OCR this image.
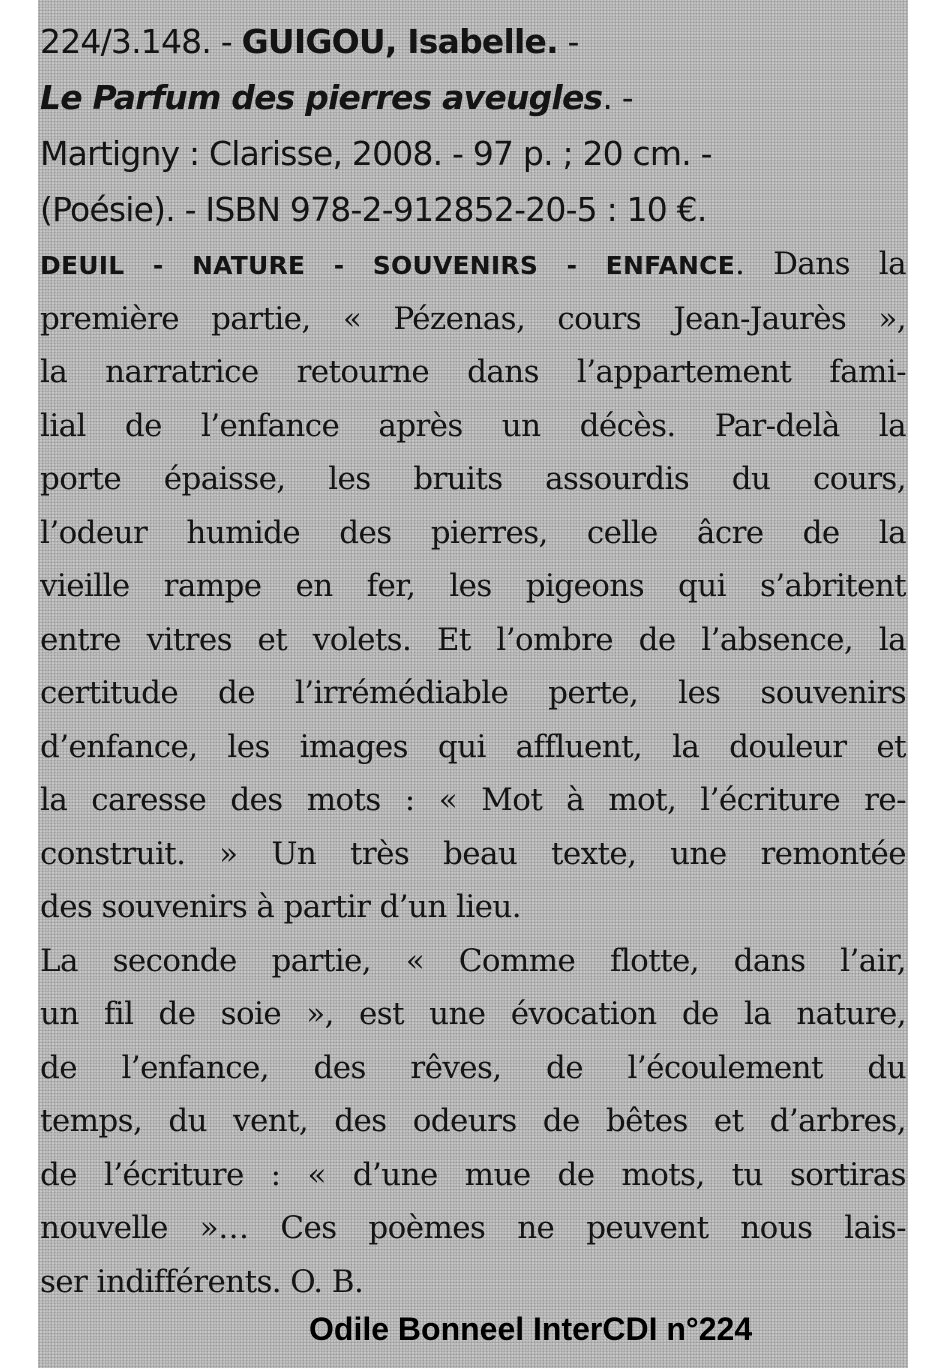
224/3.148. - GUIGOU, Isabelle. -
Le Parfum des pierres aveugles. -
Martigny : Clarisse, 2008. - 97 p. ; 20 cm. -
(Poésie). - ISBN 978-2-912852-20-5 : 10 €.
DEUIL - NATURE - SOUVENIRS - ENFANCE. Dans la
première partie, « Pézenas, cours Jean-Jaurès »,
la narratrice retourne dans l’appartement fami-
lial de l’enfance après un décès. Par-delà la
porte épaisse, les bruits assourdis du cours,
l’odeur humide des pierres, celle âcre de la
vieille rampe en fer, les pigeons qui s’abritent
entre vitres et volets. Et l’ombre de l’absence, la
certitude de l’irrémédiable perte, les souvenirs
d’enfance, les images qui affluent, la douleur et
la caresse des mots : « Mot à mot, l’écriture re-
construit. » Un très beau texte, une remontée
des souvenirs à partir d’un lieu.
La seconde partie, « Comme flotte, dans l’air,
un fil de soie », est une évocation de la nature,
de l’enfance, des rêves, de l’écoulement du
temps, du vent, des odeurs de bêtes et d’arbres,
de l’écriture : « d’une mue de mots, tu sortiras
nouvelle »… Ces poèmes ne peuvent nous lais-
ser indifférents. O. B.
Odile Bonneel InterCDI n°224
